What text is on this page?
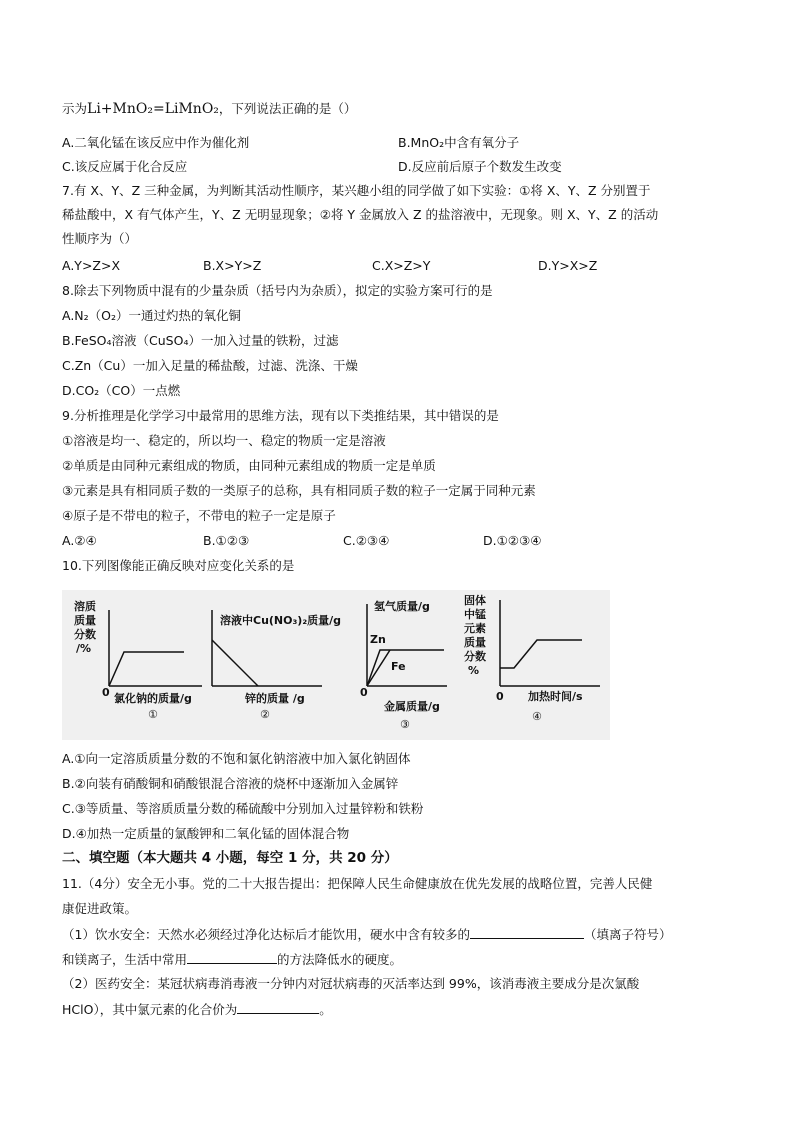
示为Li+MnO₂=LiMnO₂，下列说法正确的是（）
A.二氧化锰在该反应中作为催化剂	B.MnO₂中含有氧分子
C.该反应属于化合反应	D.反应前后原子个数发生改变
7.有 X、Y、Z 三种金属，为判断其活动性顺序，某兴趣小组的同学做了如下实验：①将 X、Y、Z 分别置于
稀盐酸中，X 有气体产生，Y、Z 无明显现象；②将 Y 金属放入 Z 的盐溶液中，无现象。则 X、Y、Z 的活动
性顺序为（）
A.Y>Z>X	B.X>Y>Z	C.X>Z>Y	D.Y>X>Z
8.除去下列物质中混有的少量杂质（括号内为杂质），拟定的实验方案可行的是
A.N₂（O₂）一通过灼热的氧化铜
B.FeSO₄溶液（CuSO₄）一加入过量的铁粉，过滤
C.Zn（Cu）一加入足量的稀盐酸，过滤、洗涤、干燥
D.CO₂（CO）一点燃
9.分析推理是化学学习中最常用的思维方法，现有以下类推结果，其中错误的是
①溶液是均一、稳定的，所以均一、稳定的物质一定是溶液
②单质是由同种元素组成的物质，由同种元素组成的物质一定是单质
③元素是具有相同质子数的一类原子的总称，具有相同质子数的粒子一定属于同种元素
④原子是不带电的粒子，不带电的粒子一定是原子
A.②④	B.①②③	C.②③④	D.①②③④
10.下列图像能正确反映对应变化关系的是
溶质
质量
分数
/%
0 氯化钠的质量/g
①
溶液中Cu(NO₃)₂质量/g
锌的质量 /g
②
氢气质量/g
Zn
Fe
0
金属质量/g
③
固体
中锰
元素
质量
分数
%
0 加热时间/s
④
A.①向一定溶质质量分数的不饱和氯化钠溶液中加入氯化钠固体
B.②向装有硝酸铜和硝酸银混合溶液的烧杯中逐渐加入金属锌
C.③等质量、等溶质质量分数的稀硫酸中分别加入过量锌粉和铁粉
D.④加热一定质量的氯酸钾和二氧化锰的固体混合物
二、填空题（本大题共 4 小题，每空 1 分，共 20 分）
11.（4分）安全无小事。党的二十大报告提出：把保障人民生命健康放在优先发展的战略位置，完善人民健
康促进政策。
（1）饮水安全：天然水必须经过净化达标后才能饮用，硬水中含有较多的	（填离子符号）
和镁离子，生活中常用	的方法降低水的硬度。
（2）医药安全：某冠状病毒消毒液一分钟内对冠状病毒的灭活率达到 99%，该消毒液主要成分是次氯酸
HClO），其中氯元素的化合价为	。
